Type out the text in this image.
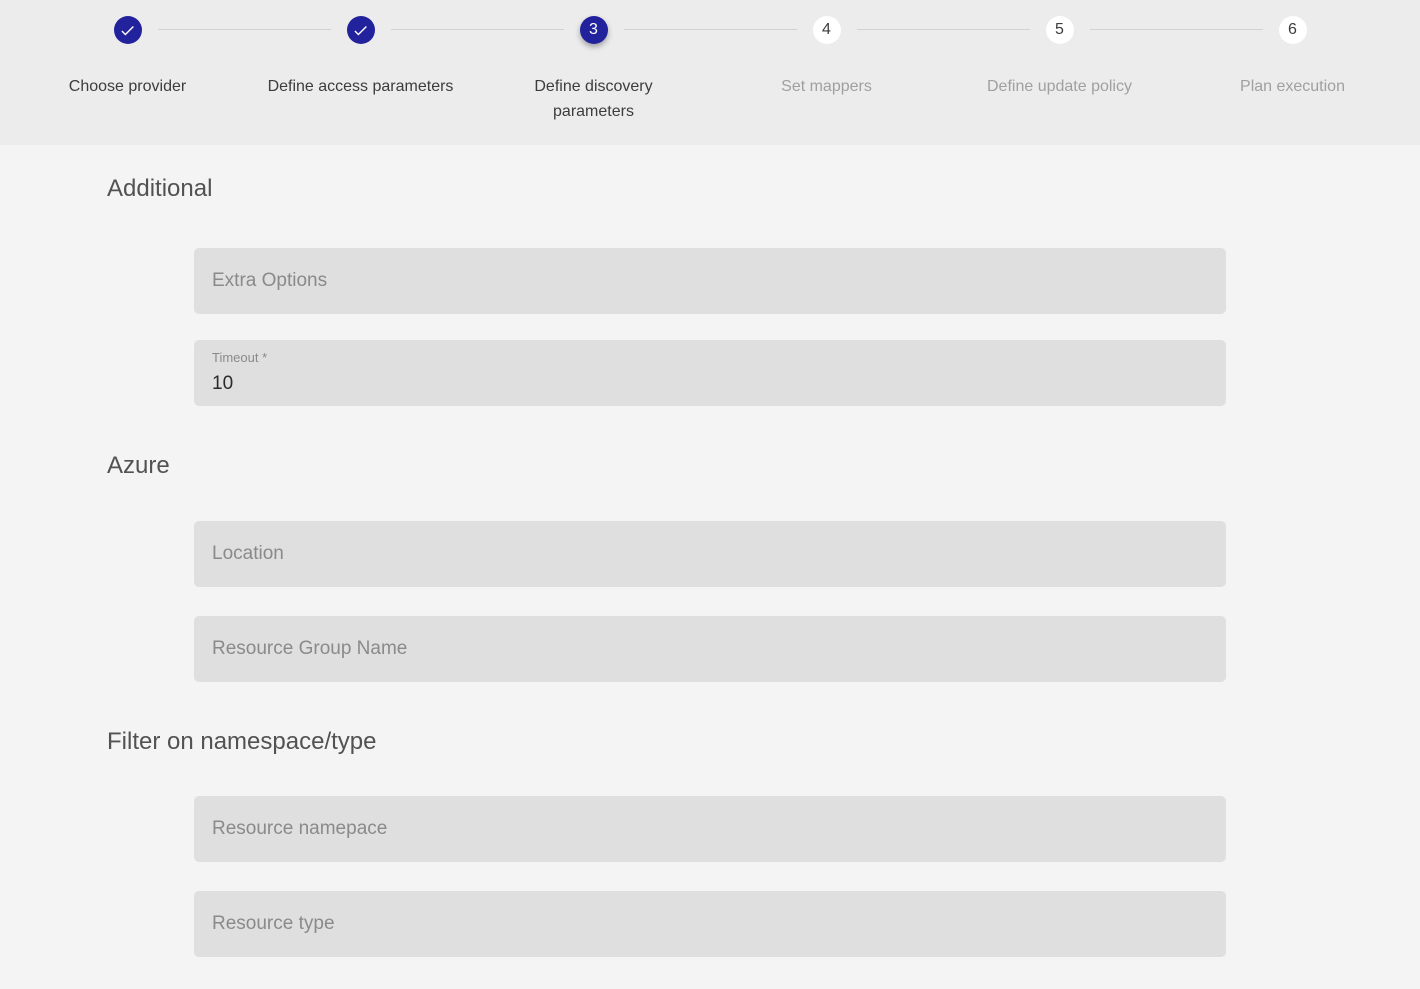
Choose provider	Define access parameters
3
Define discovery parameters
4
Set mappers
5
Define update policy
6
Plan execution
Additional
Extra Options
Timeout *
10
Azure
Location
Resource Group Name
Filter on namespace/type
Resource namepace
Resource type
